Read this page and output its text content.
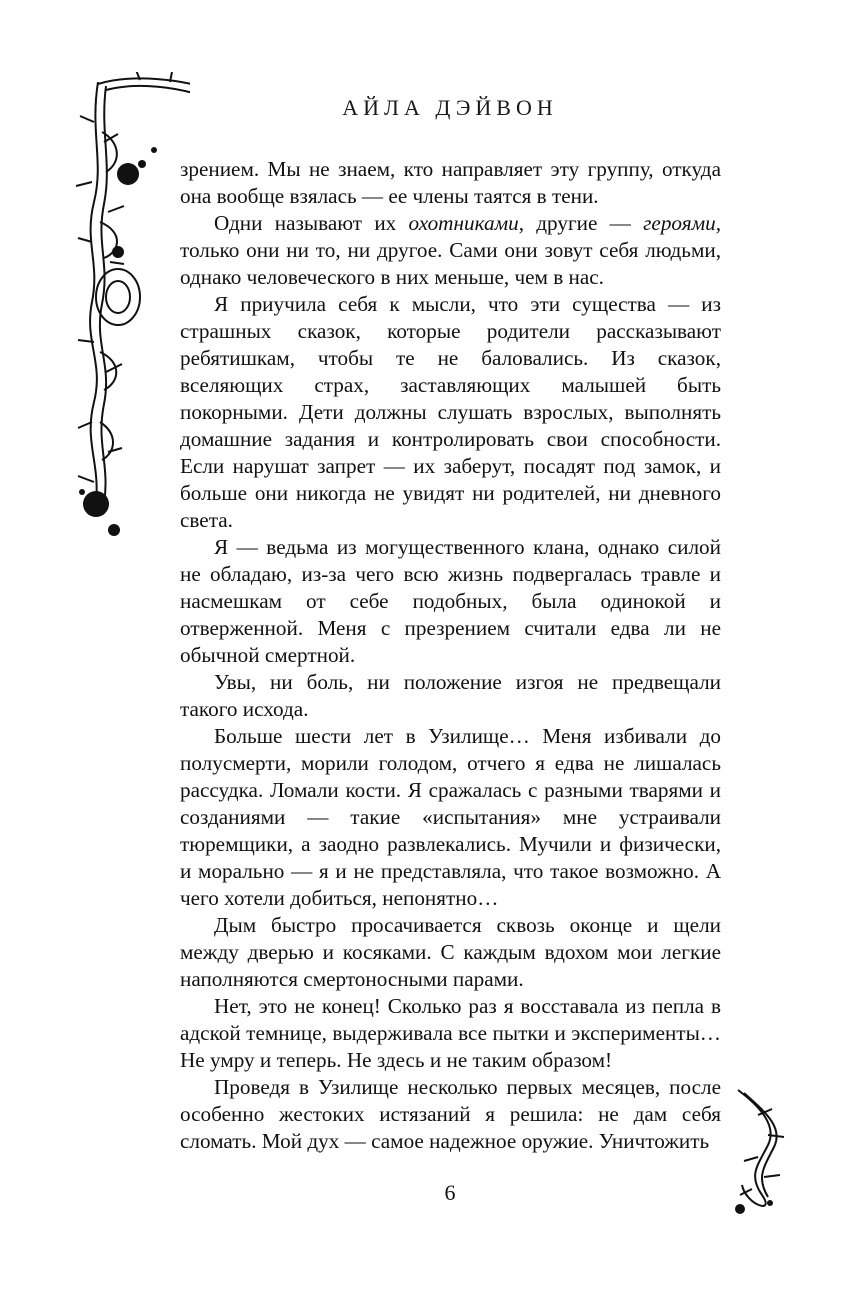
АЙЛА ДЭЙВОН

зрением. Мы не знаем, кто направляет эту группу, откуда она вообще взялась — ее члены таятся в тени.

Одни называют их охотниками, другие — героями, только они ни то, ни другое. Сами они зовут себя людьми, однако человеческого в них меньше, чем в нас.

Я приучила себя к мысли, что эти существа — из страшных сказок, которые родители рассказывают ребятишкам, чтобы те не баловались. Из сказок, вселяющих страх, заставляющих малышей быть покорными. Дети должны слушать взрослых, выполнять домашние задания и контролировать свои способности. Если нарушат запрет — их заберут, посадят под замок, и больше они никогда не увидят ни родителей, ни дневного света.

Я — ведьма из могущественного клана, однако силой не обладаю, из-за чего всю жизнь подвергалась травле и насмешкам от себе подобных, была одинокой и отверженной. Меня с презрением считали едва ли не обычной смертной.

Увы, ни боль, ни положение изгоя не предвещали такого исхода.

Больше шести лет в Узилище… Меня избивали до полусмерти, морили голодом, отчего я едва не лишалась рассудка. Ломали кости. Я сражалась с разными тварями и созданиями — такие «испытания» мне устраивали тюремщики, а заодно развлекались. Мучили и физически, и морально — я и не представляла, что такое возможно. А чего хотели добиться, непонятно…

Дым быстро просачивается сквозь оконце и щели между дверью и косяками. С каждым вдохом мои легкие наполняются смертоносными парами.

Нет, это не конец! Сколько раз я восставала из пепла в адской темнице, выдерживала все пытки и эксперименты… Не умру и теперь. Не здесь и не таким образом!

Проведя в Узилище несколько первых месяцев, после особенно жестоких истязаний я решила: не дам себя сломать. Мой дух — самое надежное оружие. Уничтожить

6
